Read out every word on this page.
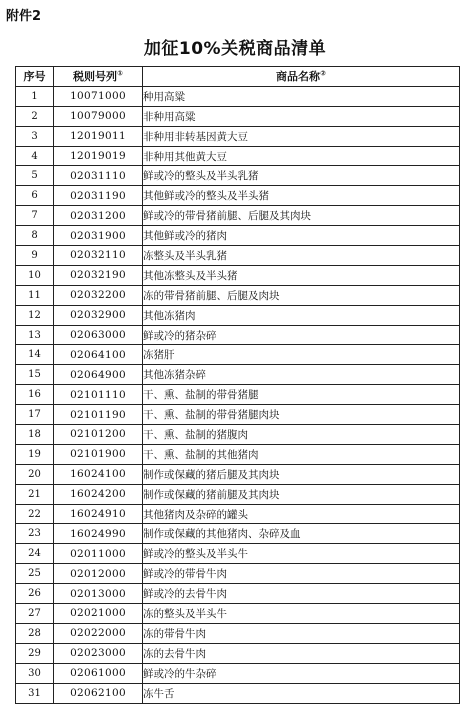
附件2
加征10%关税商品清单
序号	税则号列①	商品名称②
1	10071000	种用高粱
2	10079000	非种用高粱
3	12019011	非种用非转基因黄大豆
4	12019019	非种用其他黄大豆
5	02031110	鲜或冷的整头及半头乳猪
6	02031190	其他鲜或冷的整头及半头猪
7	02031200	鲜或冷的带骨猪前腿、后腿及其肉块
8	02031900	其他鲜或冷的猪肉
9	02032110	冻整头及半头乳猪
10	02032190	其他冻整头及半头猪
11	02032200	冻的带骨猪前腿、后腿及肉块
12	02032900	其他冻猪肉
13	02063000	鲜或冷的猪杂碎
14	02064100	冻猪肝
15	02064900	其他冻猪杂碎
16	02101110	干、熏、盐制的带骨猪腿
17	02101190	干、熏、盐制的带骨猪腿肉块
18	02101200	干、熏、盐制的猪腹肉
19	02101900	干、熏、盐制的其他猪肉
20	16024100	制作或保藏的猪后腿及其肉块
21	16024200	制作或保藏的猪前腿及其肉块
22	16024910	其他猪肉及杂碎的罐头
23	16024990	制作或保藏的其他猪肉、杂碎及血
24	02011000	鲜或冷的整头及半头牛
25	02012000	鲜或冷的带骨牛肉
26	02013000	鲜或冷的去骨牛肉
27	02021000	冻的整头及半头牛
28	02022000	冻的带骨牛肉
29	02023000	冻的去骨牛肉
30	02061000	鲜或冷的牛杂碎
31	02062100	冻牛舌
